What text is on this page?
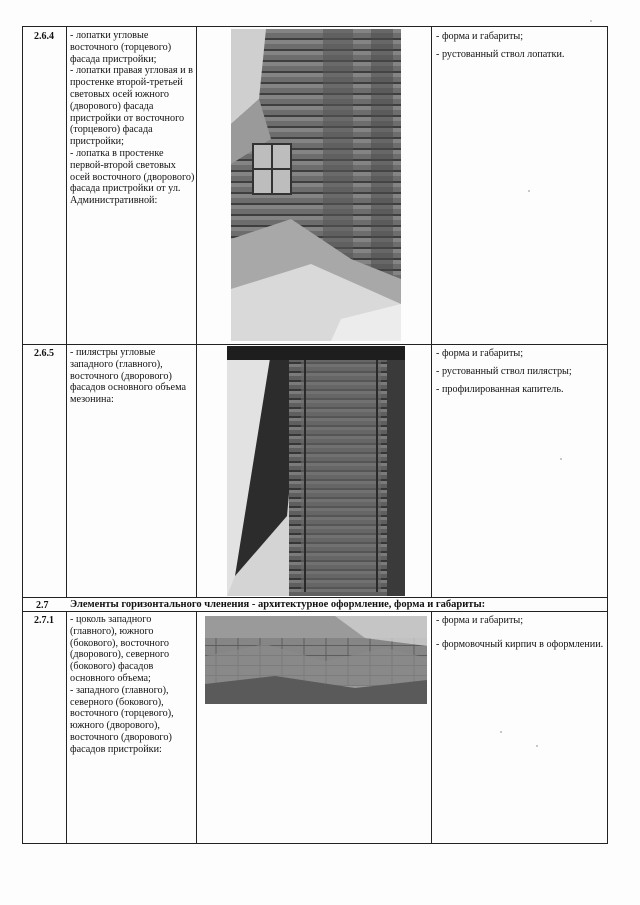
2.6.4 - лопатки угловые восточного (торцевого) фасада пристройки;
- лопатки правая угловая и в простенке второй-третьей световых осей южного (дворового) фасада пристройки от восточного (торцевого) фасада пристройки;
- лопатка в простенке первой-второй световых осей восточного (дворового) фасада пристройки от ул. Административной:

- форма и габариты;

- рустованный ствол лопатки.

2.6.5 - пилястры угловые западного (главного), восточного (дворового) фасадов основного объема мезонина:

- форма и габариты;

- рустованный ствол пилястры;

- профилированная капитель.

2.7 Элементы горизонтального членения - архитектурное оформление, форма и габариты:
2.7.1 - цоколь западного (главного), южного (бокового), восточного (дворового), северного (бокового) фасадов основного объема;
- западного (главного), северного (бокового), восточного (торцевого), южного (дворового), восточного (дворового) фасадов пристройки:

- форма и габариты;

- формовочный кирпич в оформлении.
